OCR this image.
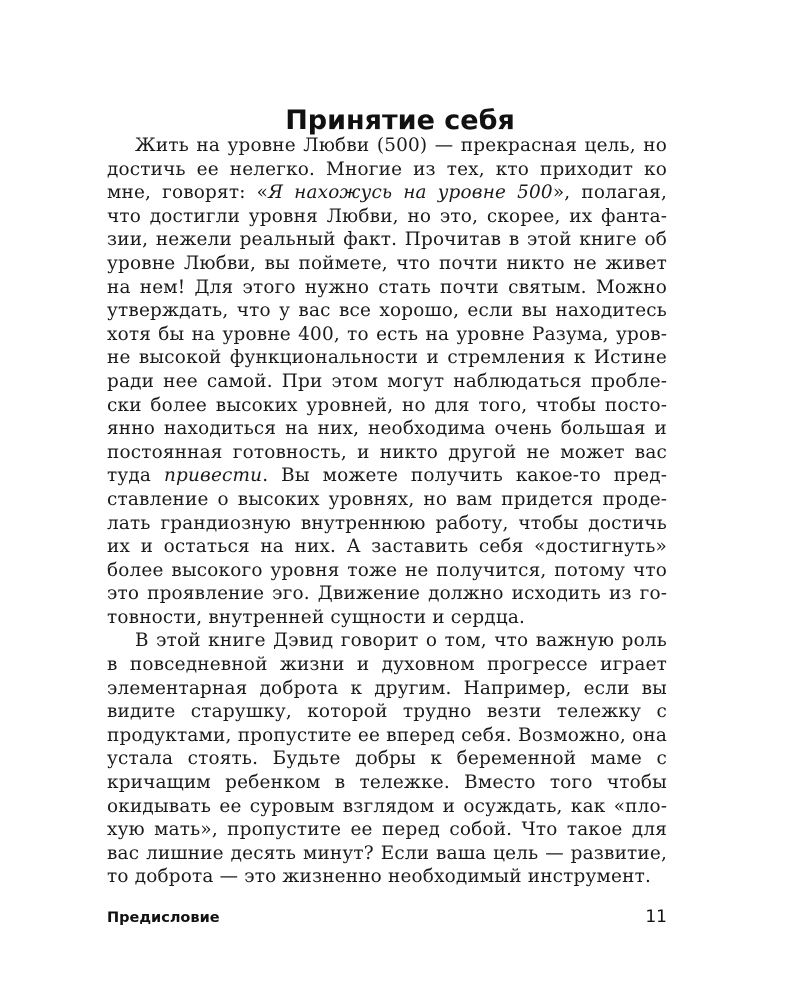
Принятие себя

Жить на уровне Любви (500) — прекрасная цель, но достичь ее нелегко. Многие из тех, кто приходит ко мне, говорят: «Я нахожусь на уровне 500», полагая, что достигли уровня Любви, но это, скорее, их фантазии, нежели реальный факт. Прочитав в этой книге об уровне Любви, вы поймете, что почти никто не живет на нем! Для этого нужно стать почти святым. Можно утверждать, что у вас все хорошо, если вы находитесь хотя бы на уровне 400, то есть на уровне Разума, уровне высокой функциональности и стремления к Истине ради нее самой. При этом могут наблюдаться проблески более высоких уровней, но для того, чтобы постоянно находиться на них, необходима очень большая и постоянная готовность, и никто другой не может вас туда привести. Вы можете получить какое-то представление о высоких уровнях, но вам придется проделать грандиозную внутреннюю работу, чтобы достичь их и остаться на них. А заставить себя «достигнуть» более высокого уровня тоже не получится, потому что это проявление эго. Движение должно исходить из готовности, внутренней сущности и сердца.

В этой книге Дэвид говорит о том, что важную роль в повседневной жизни и духовном прогрессе играет элементарная доброта к другим. Например, если вы видите старушку, которой трудно везти тележку с продуктами, пропустите ее вперед себя. Возможно, она устала стоять. Будьте добры к беременной маме с кричащим ребенком в тележке. Вместо того чтобы окидывать ее суровым взглядом и осуждать, как «плохую мать», пропустите ее перед собой. Что такое для вас лишние десять минут? Если ваша цель — развитие, то доброта — это жизненно необходимый инструмент.

Предисловие	11
